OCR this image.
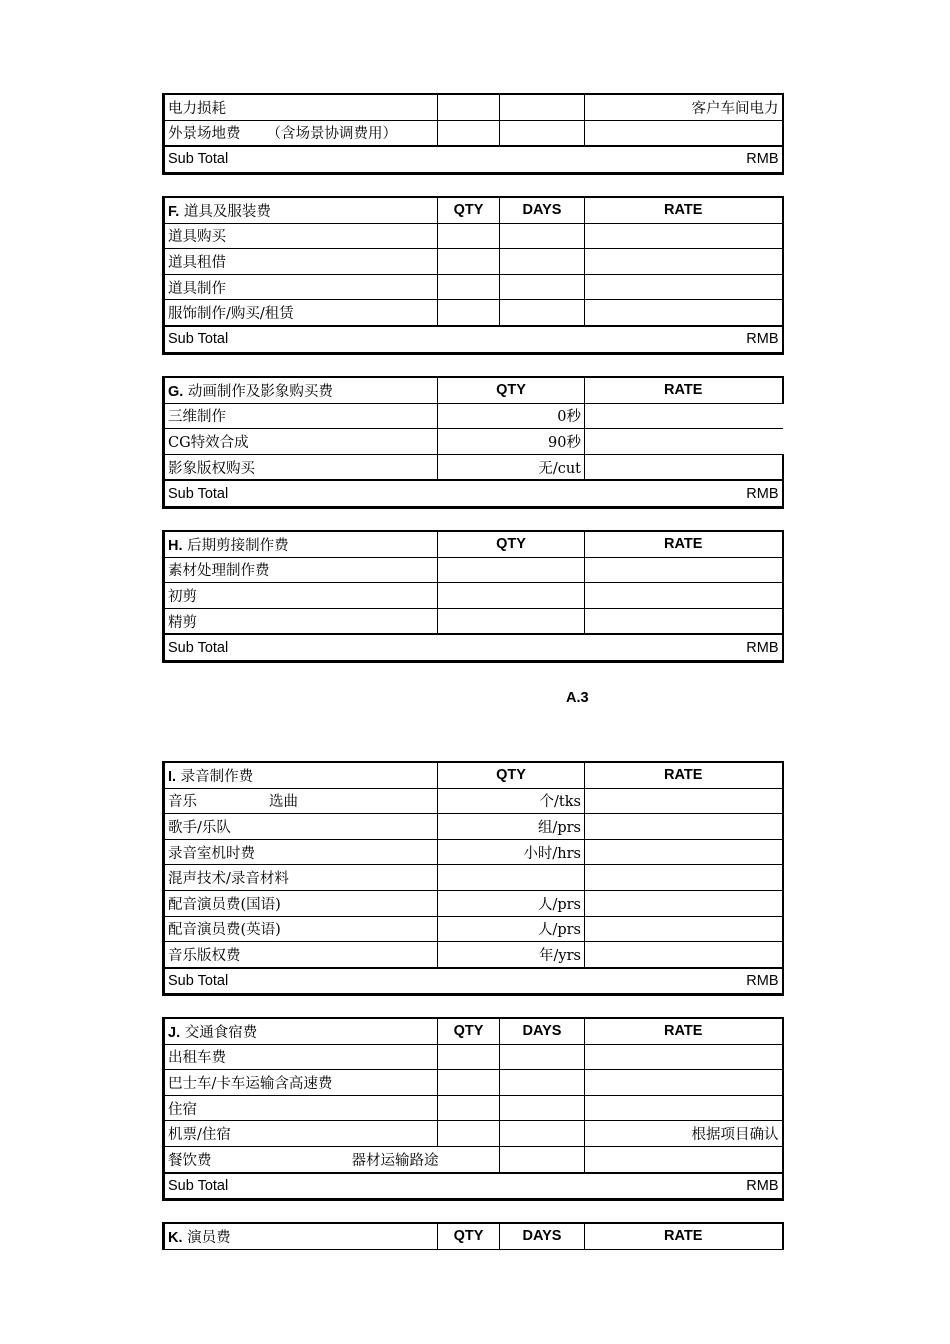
电力损耗			客户车间电力
外景场地费 （含场景协调费用）			
Sub Total			RMB
F. 道具及服装费	QTY	DAYS	RATE
道具购买			
道具租借			
道具制作			
服饰制作/购买/租赁			
Sub Total			RMB
G. 动画制作及影象购买费	QTY	RATE
三维制作	0秒	
CG特效合成	90秒	
影象版权购买	无/cut	
Sub Total		RMB
H. 后期剪接制作费	QTY	RATE
素材处理制作费		
初剪		
精剪		
Sub Total		RMB
A.3
I. 录音制作费	QTY	RATE
音乐 选曲	个/tks	
歌手/乐队	组/prs	
录音室机时费	小时/hrs	
混声技术/录音材料		
配音演员费(国语)	人/prs	
配音演员费(英语)	人/prs	
音乐版权费	年/yrs	
Sub Total		RMB
J. 交通食宿费	QTY	DAYS	RATE
出租车费			
巴士车/卡车运输含高速费			
住宿			
机票/住宿			根据项目确认
餐饮费 器材运输路途			
Sub Total			RMB
K. 演员费	QTY	DAYS	RATE
